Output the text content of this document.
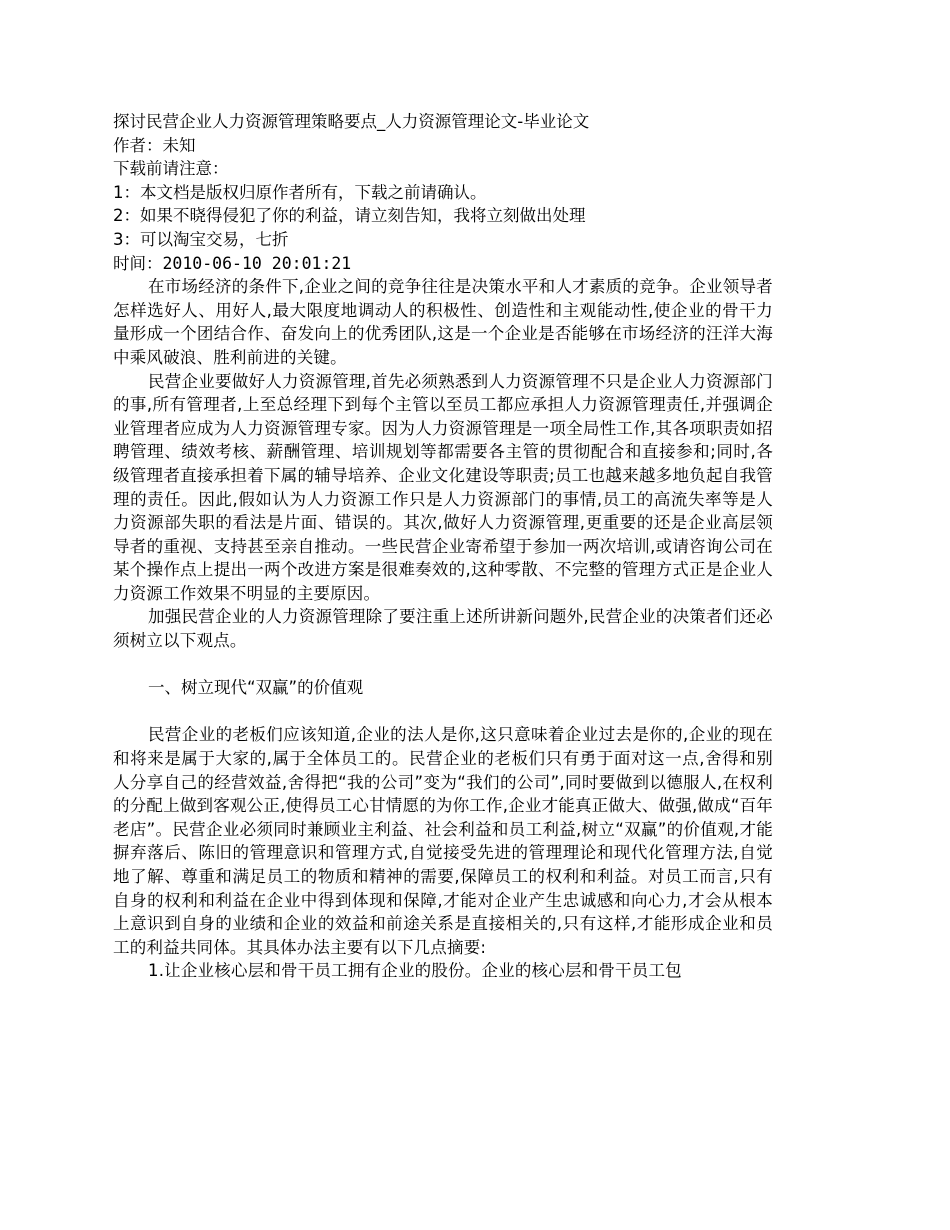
探讨民营企业人力资源管理策略要点_人力资源管理论文-毕业论文

作者：未知

下载前请注意：

1：本文档是版权归原作者所有，下载之前请确认。

2：如果不晓得侵犯了你的利益，请立刻告知，我将立刻做出处理

3：可以淘宝交易，七折

时间：2010-06-10 20:01:21

在市场经济的条件下,企业之间的竞争往往是决策水平和人才素质的竞争。企业领导者怎样选好人、用好人,最大限度地调动人的积极性、创造性和主观能动性,使企业的骨干力量形成一个团结合作、奋发向上的优秀团队,这是一个企业是否能够在市场经济的汪洋大海中乘风破浪、胜利前进的关键。

民营企业要做好人力资源管理,首先必须熟悉到人力资源管理不只是企业人力资源部门的事,所有管理者,上至总经理下到每个主管以至员工都应承担人力资源管理责任,并强调企业管理者应成为人力资源管理专家。因为人力资源管理是一项全局性工作,其各项职责如招聘管理、绩效考核、薪酬管理、培训规划等都需要各主管的贯彻配合和直接参和;同时,各级管理者直接承担着下属的辅导培养、企业文化建设等职责;员工也越来越多地负起自我管理的责任。因此,假如认为人力资源工作只是人力资源部门的事情,员工的高流失率等是人力资源部失职的看法是片面、错误的。其次,做好人力资源管理,更重要的还是企业高层领导者的重视、支持甚至亲自推动。一些民营企业寄希望于参加一两次培训,或请咨询公司在某个操作点上提出一两个改进方案是很难奏效的,这种零散、不完整的管理方式正是企业人力资源工作效果不明显的主要原因。

加强民营企业的人力资源管理除了要注重上述所讲新问题外,民营企业的决策者们还必须树立以下观点。

一、树立现代“双赢”的价值观

民营企业的老板们应该知道,企业的法人是你,这只意味着企业过去是你的,企业的现在和将来是属于大家的,属于全体员工的。民营企业的老板们只有勇于面对这一点,舍得和别人分享自己的经营效益,舍得把“我的公司”变为“我们的公司”,同时要做到以德服人,在权利的分配上做到客观公正,使得员工心甘情愿的为你工作,企业才能真正做大、做强,做成“百年老店”。民营企业必须同时兼顾业主利益、社会利益和员工利益,树立“双赢”的价值观,才能摒弃落后、陈旧的管理意识和管理方式,自觉接受先进的管理理论和现代化管理方法,自觉地了解、尊重和满足员工的物质和精神的需要,保障员工的权利和利益。对员工而言,只有自身的权利和利益在企业中得到体现和保障,才能对企业产生忠诚感和向心力,才会从根本上意识到自身的业绩和企业的效益和前途关系是直接相关的,只有这样,才能形成企业和员工的利益共同体。其具体办法主要有以下几点摘要:

1.让企业核心层和骨干员工拥有企业的股份。企业的核心层和骨干员工包
